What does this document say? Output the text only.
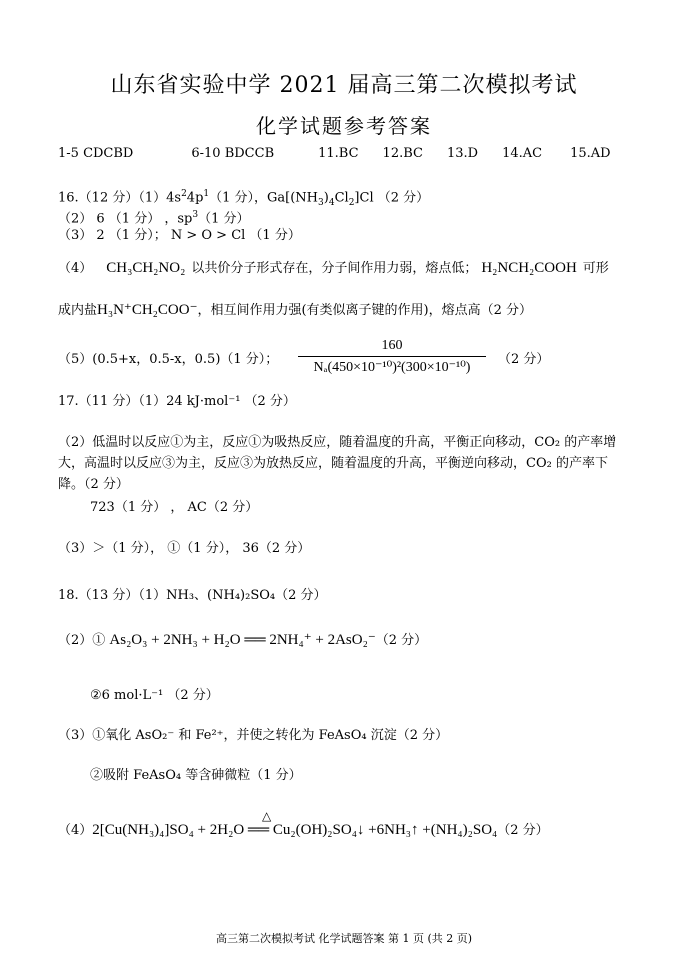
山东省实验中学 2021 届高三第二次模拟考试
化学试题参考答案
1-5 CDCBD	6-10 BDCCB	11.BC 12.BC 13.D 14.AC 15.AD
16.（12 分）$(1)4s^24p^1(1$ 分），$Ga[(NH_3)_4Cl_2]Cl$ （2 分）
（2） 6 （1 分） ，$sp^3(1$ 分）
（3） 2 （1 分）； N > O > Cl （1 分）
（4） CH₃CH₂NO₂ 以共价分子形式存在，分子间作用力弱，熔点低； H₂NCH₂COOH 可形
成内盐H₃N⁺CH₂COO⁻，相互间作用力强(有类似离子键的作用)，熔点高（2 分）
（5）(0.5+x，0.5-x，0.5)（1 分）； $\frac{160}{\text{Nₐ(450×10⁻¹⁰)²(300×10⁻¹⁰)}} (2$ 分）
17.（11 分）（1）24 kJ·mol⁻¹ （2 分）
（2）低温时以反应①为主，反应①为吸热反应，随着温度的升高，平衡正向移动，CO₂ 的产率增大，高温时以反应③为主，反应③为放热反应，随着温度的升高，平衡逆向移动，CO₂ 的产率下降。（2 分）
723（1 分） ， AC（2 分）
（3）＞（1 分）， ①（1 分）， 36（2 分）
18.（13 分）（1）NH₃、(NH₄)₂SO₄（2 分）
（2）① As₂O₃ + 2NH₃ + H₂O ══ 2NH₄⁺ + 2AsO₂⁻（2 分）
②6 mol·L⁻¹ （2 分）
（3）①氧化 AsO₂⁻ 和 Fe²⁺，并使之转化为 FeAsO₄ 沉淀（2 分）
②吸附 FeAsO₄ 等含砷微粒（1 分）
△
（4）2[Cu(NH₃)₄]SO₄ + 2H₂O ══ Cu₂(OH)₂SO₄↓ +6NH₃↑ +(NH₄)₂SO₄（2 分）
高三第二次模拟考试 化学试题答案 第 1 页 (共 2 页)
